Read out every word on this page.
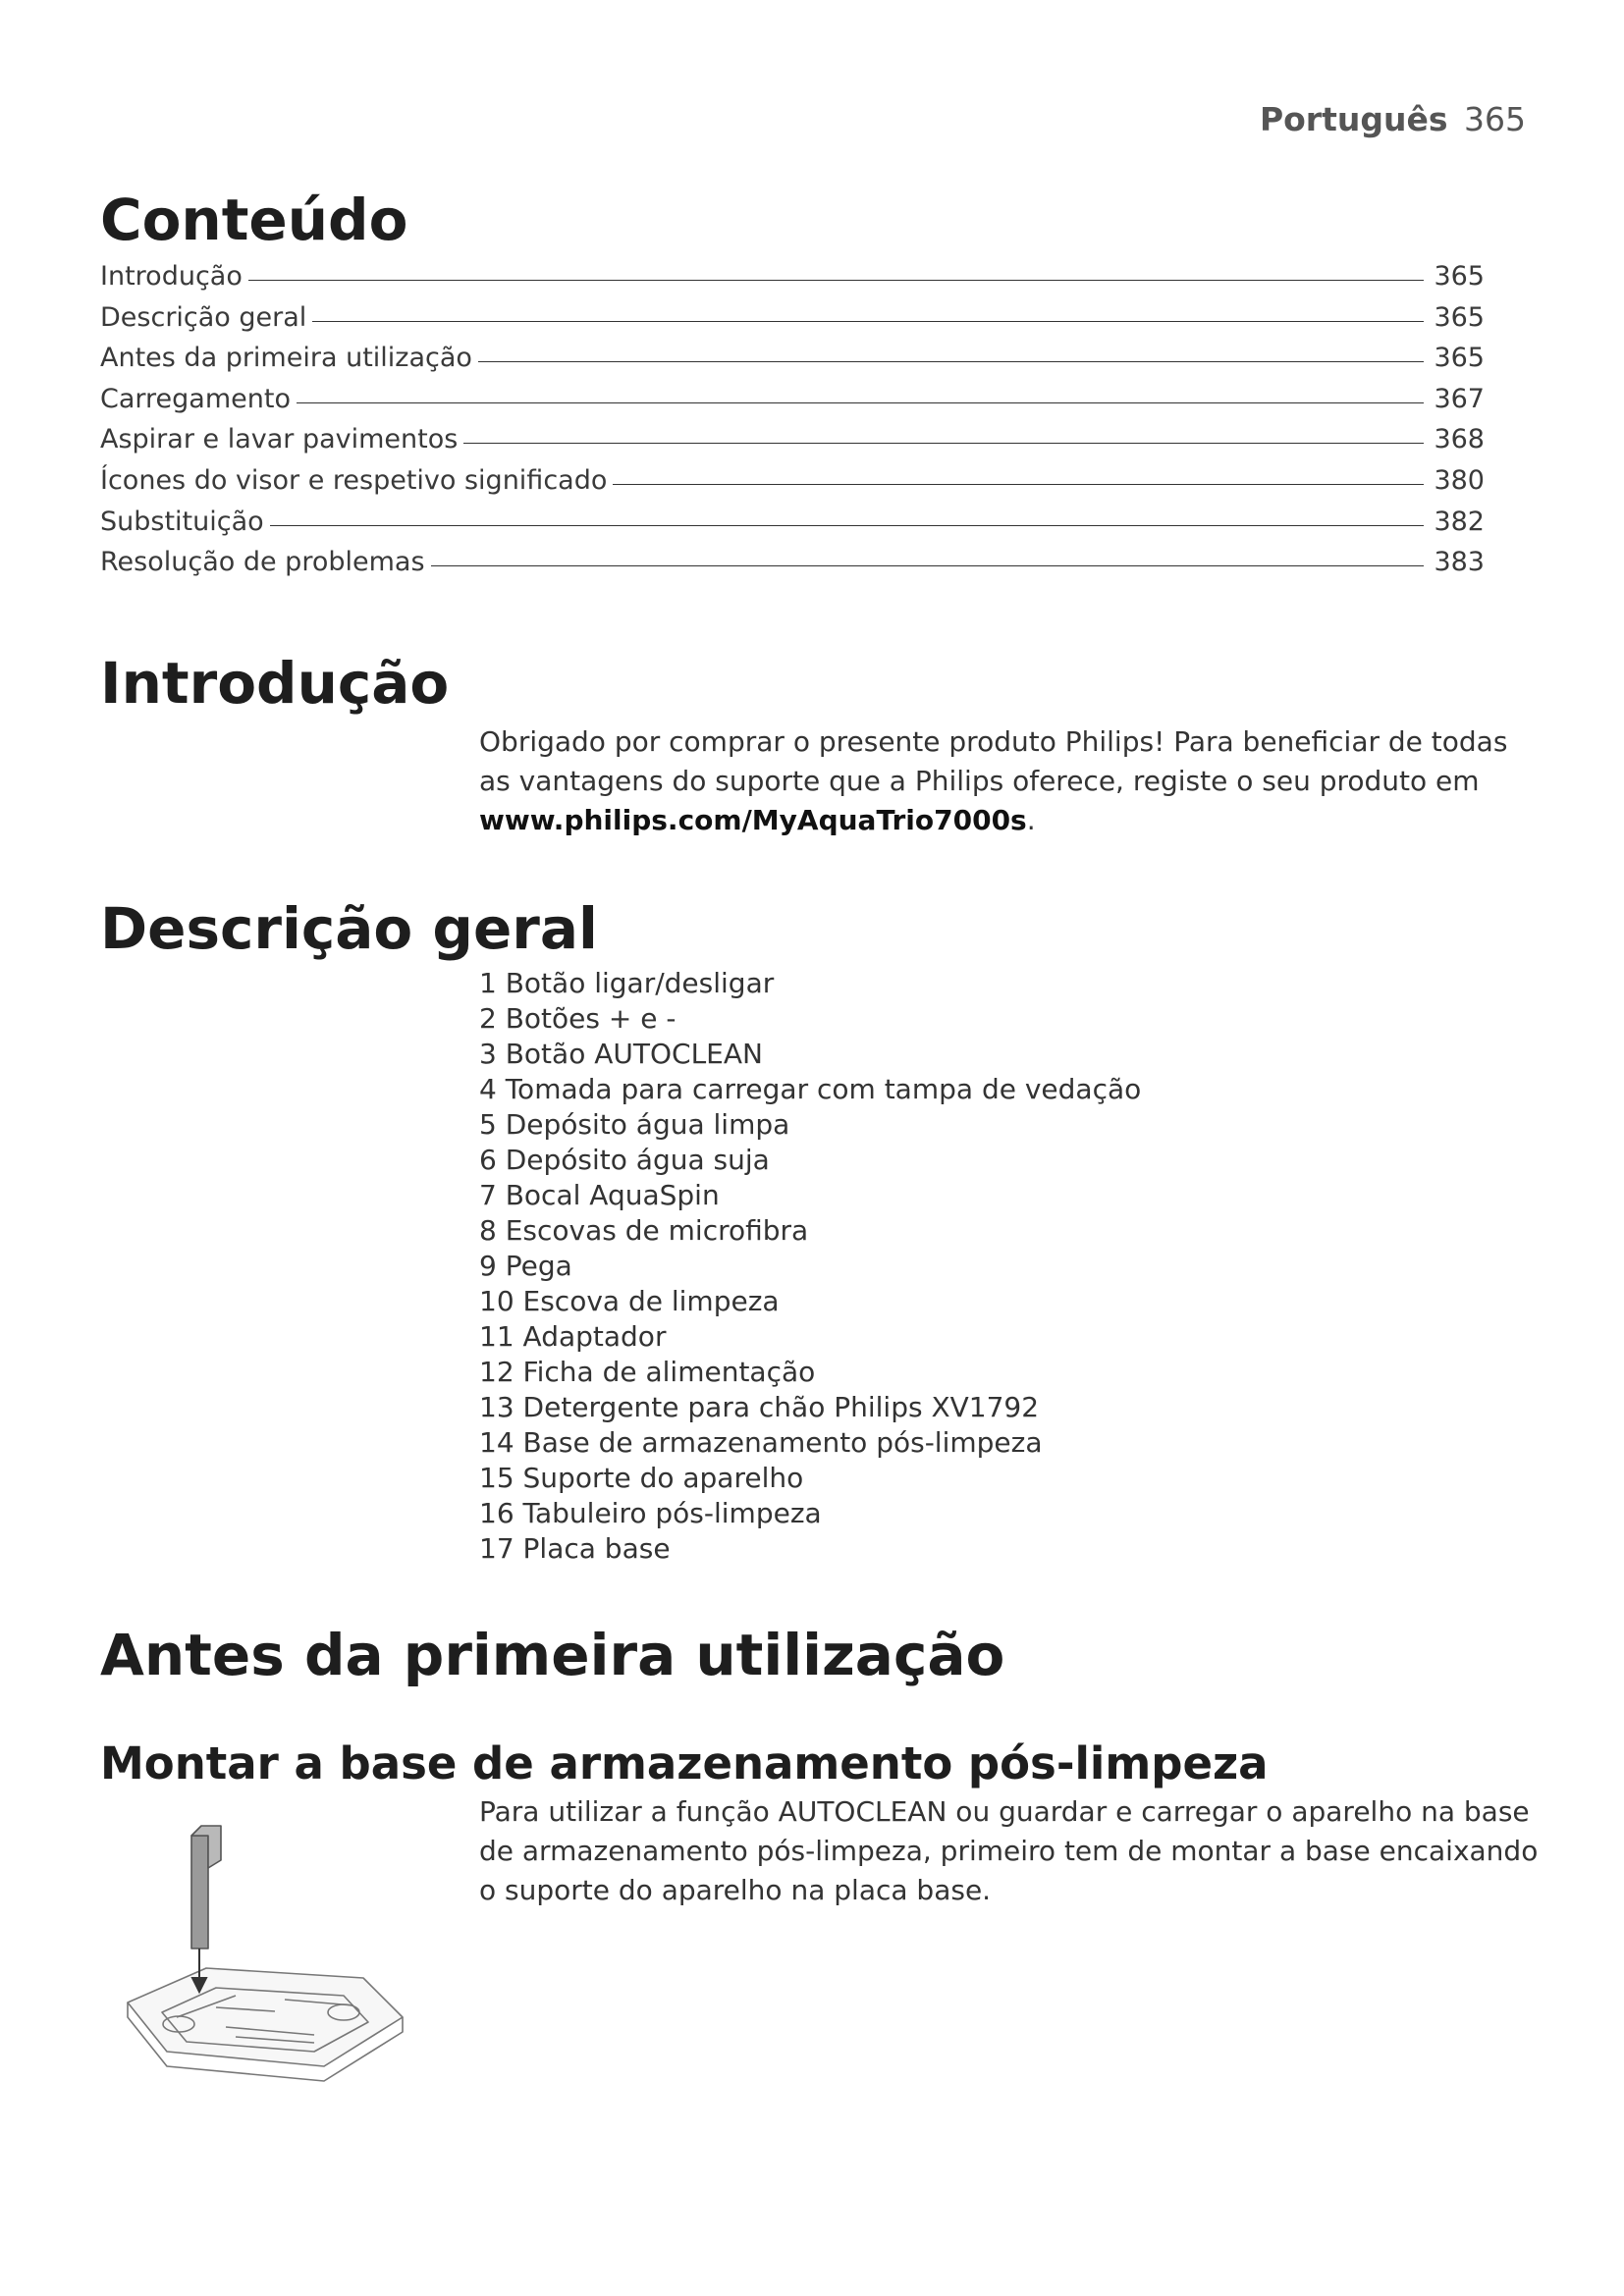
Português 365
Conteúdo
Introdução	365
Descrição geral	365
Antes da primeira utilização	365
Carregamento	367
Aspirar e lavar pavimentos	368
Ícones do visor e respetivo significado	380
Substituição	382
Resolução de problemas	383
Introdução
Obrigado por comprar o presente produto Philips! Para beneficiar de todas as vantagens do suporte que a Philips oferece, registe o seu produto em www.philips.com/MyAquaTrio7000s.
Descrição geral
1 Botão ligar/desligar
2 Botões + e -
3 Botão AUTOCLEAN
4 Tomada para carregar com tampa de vedação
5 Depósito água limpa
6 Depósito água suja
7 Bocal AquaSpin
8 Escovas de microfibra
9 Pega
10 Escova de limpeza
11 Adaptador
12 Ficha de alimentação
13 Detergente para chão Philips XV1792
14 Base de armazenamento pós-limpeza
15 Suporte do aparelho
16 Tabuleiro pós-limpeza
17 Placa base
Antes da primeira utilização
Montar a base de armazenamento pós-limpeza
Para utilizar a função AUTOCLEAN ou guardar e carregar o aparelho na base de armazenamento pós-limpeza, primeiro tem de montar a base encaixando o suporte do aparelho na placa base.
